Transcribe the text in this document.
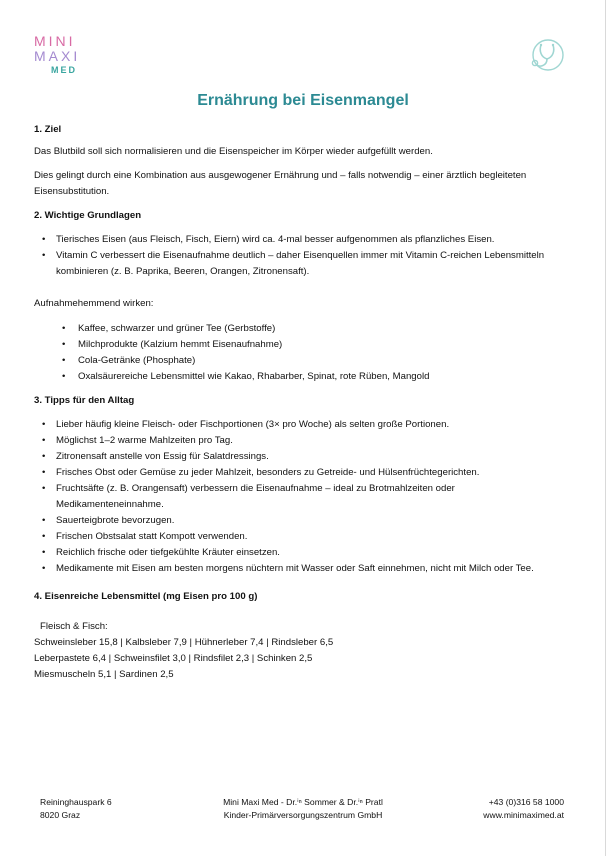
MINI
MAXI
MED
Ernährung bei Eisenmangel

1. Ziel

Das Blutbild soll sich normalisieren und die Eisenspeicher im Körper wieder aufgefüllt werden.

Dies gelingt durch eine Kombination aus ausgewogener Ernährung und – falls notwendig – einer ärztlich begleiteten Eisensubstitution.

2. Wichtige Grundlagen

• Tierisches Eisen (aus Fleisch, Fisch, Eiern) wird ca. 4-mal besser aufgenommen als pflanzliches Eisen.
• Vitamin C verbessert die Eisenaufnahme deutlich – daher Eisenquellen immer mit Vitamin C-reichen Lebensmitteln kombinieren (z. B. Paprika, Beeren, Orangen, Zitronensaft).

Aufnahmehemmend wirken:

• Kaffee, schwarzer und grüner Tee (Gerbstoffe)
• Milchprodukte (Kalzium hemmt Eisenaufnahme)
• Cola-Getränke (Phosphate)
• Oxalsäurereiche Lebensmittel wie Kakao, Rhabarber, Spinat, rote Rüben, Mangold

3. Tipps für den Alltag

• Lieber häufig kleine Fleisch- oder Fischportionen (3× pro Woche) als selten große Portionen.
• Möglichst 1–2 warme Mahlzeiten pro Tag.
• Zitronensaft anstelle von Essig für Salatdressings.
• Frisches Obst oder Gemüse zu jeder Mahlzeit, besonders zu Getreide- und Hülsenfrüchtegerichten.
• Fruchtsäfte (z. B. Orangensaft) verbessern die Eisenaufnahme – ideal zu Brotmahlzeiten oder Medikamenteneinnahme.
• Sauerteigbrote bevorzugen.
• Frischen Obstsalat statt Kompott verwenden.
• Reichlich frische oder tiefgekühlte Kräuter einsetzen.
• Medikamente mit Eisen am besten morgens nüchtern mit Wasser oder Saft einnehmen, nicht mit Milch oder Tee.

4. Eisenreiche Lebensmittel (mg Eisen pro 100 g)

Fleisch & Fisch:

Schweinsleber 15,8 | Kalbsleber 7,9 | Hühnerleber 7,4 | Rindsleber 6,5

Leberpastete 6,4 | Schweinsfilet 3,0 | Rindsfilet 2,3 | Schinken 2,5

Miesmuscheln 5,1 | Sardinen 2,5

Reininghauspark 6
8020 Graz
Mini Maxi Med - Dr.ⁱⁿ Sommer & Dr.ⁱⁿ Pratl
Kinder-Primärversorgungszentrum GmbH
+43 (0)316 58 1000
www.minimaximed.at
